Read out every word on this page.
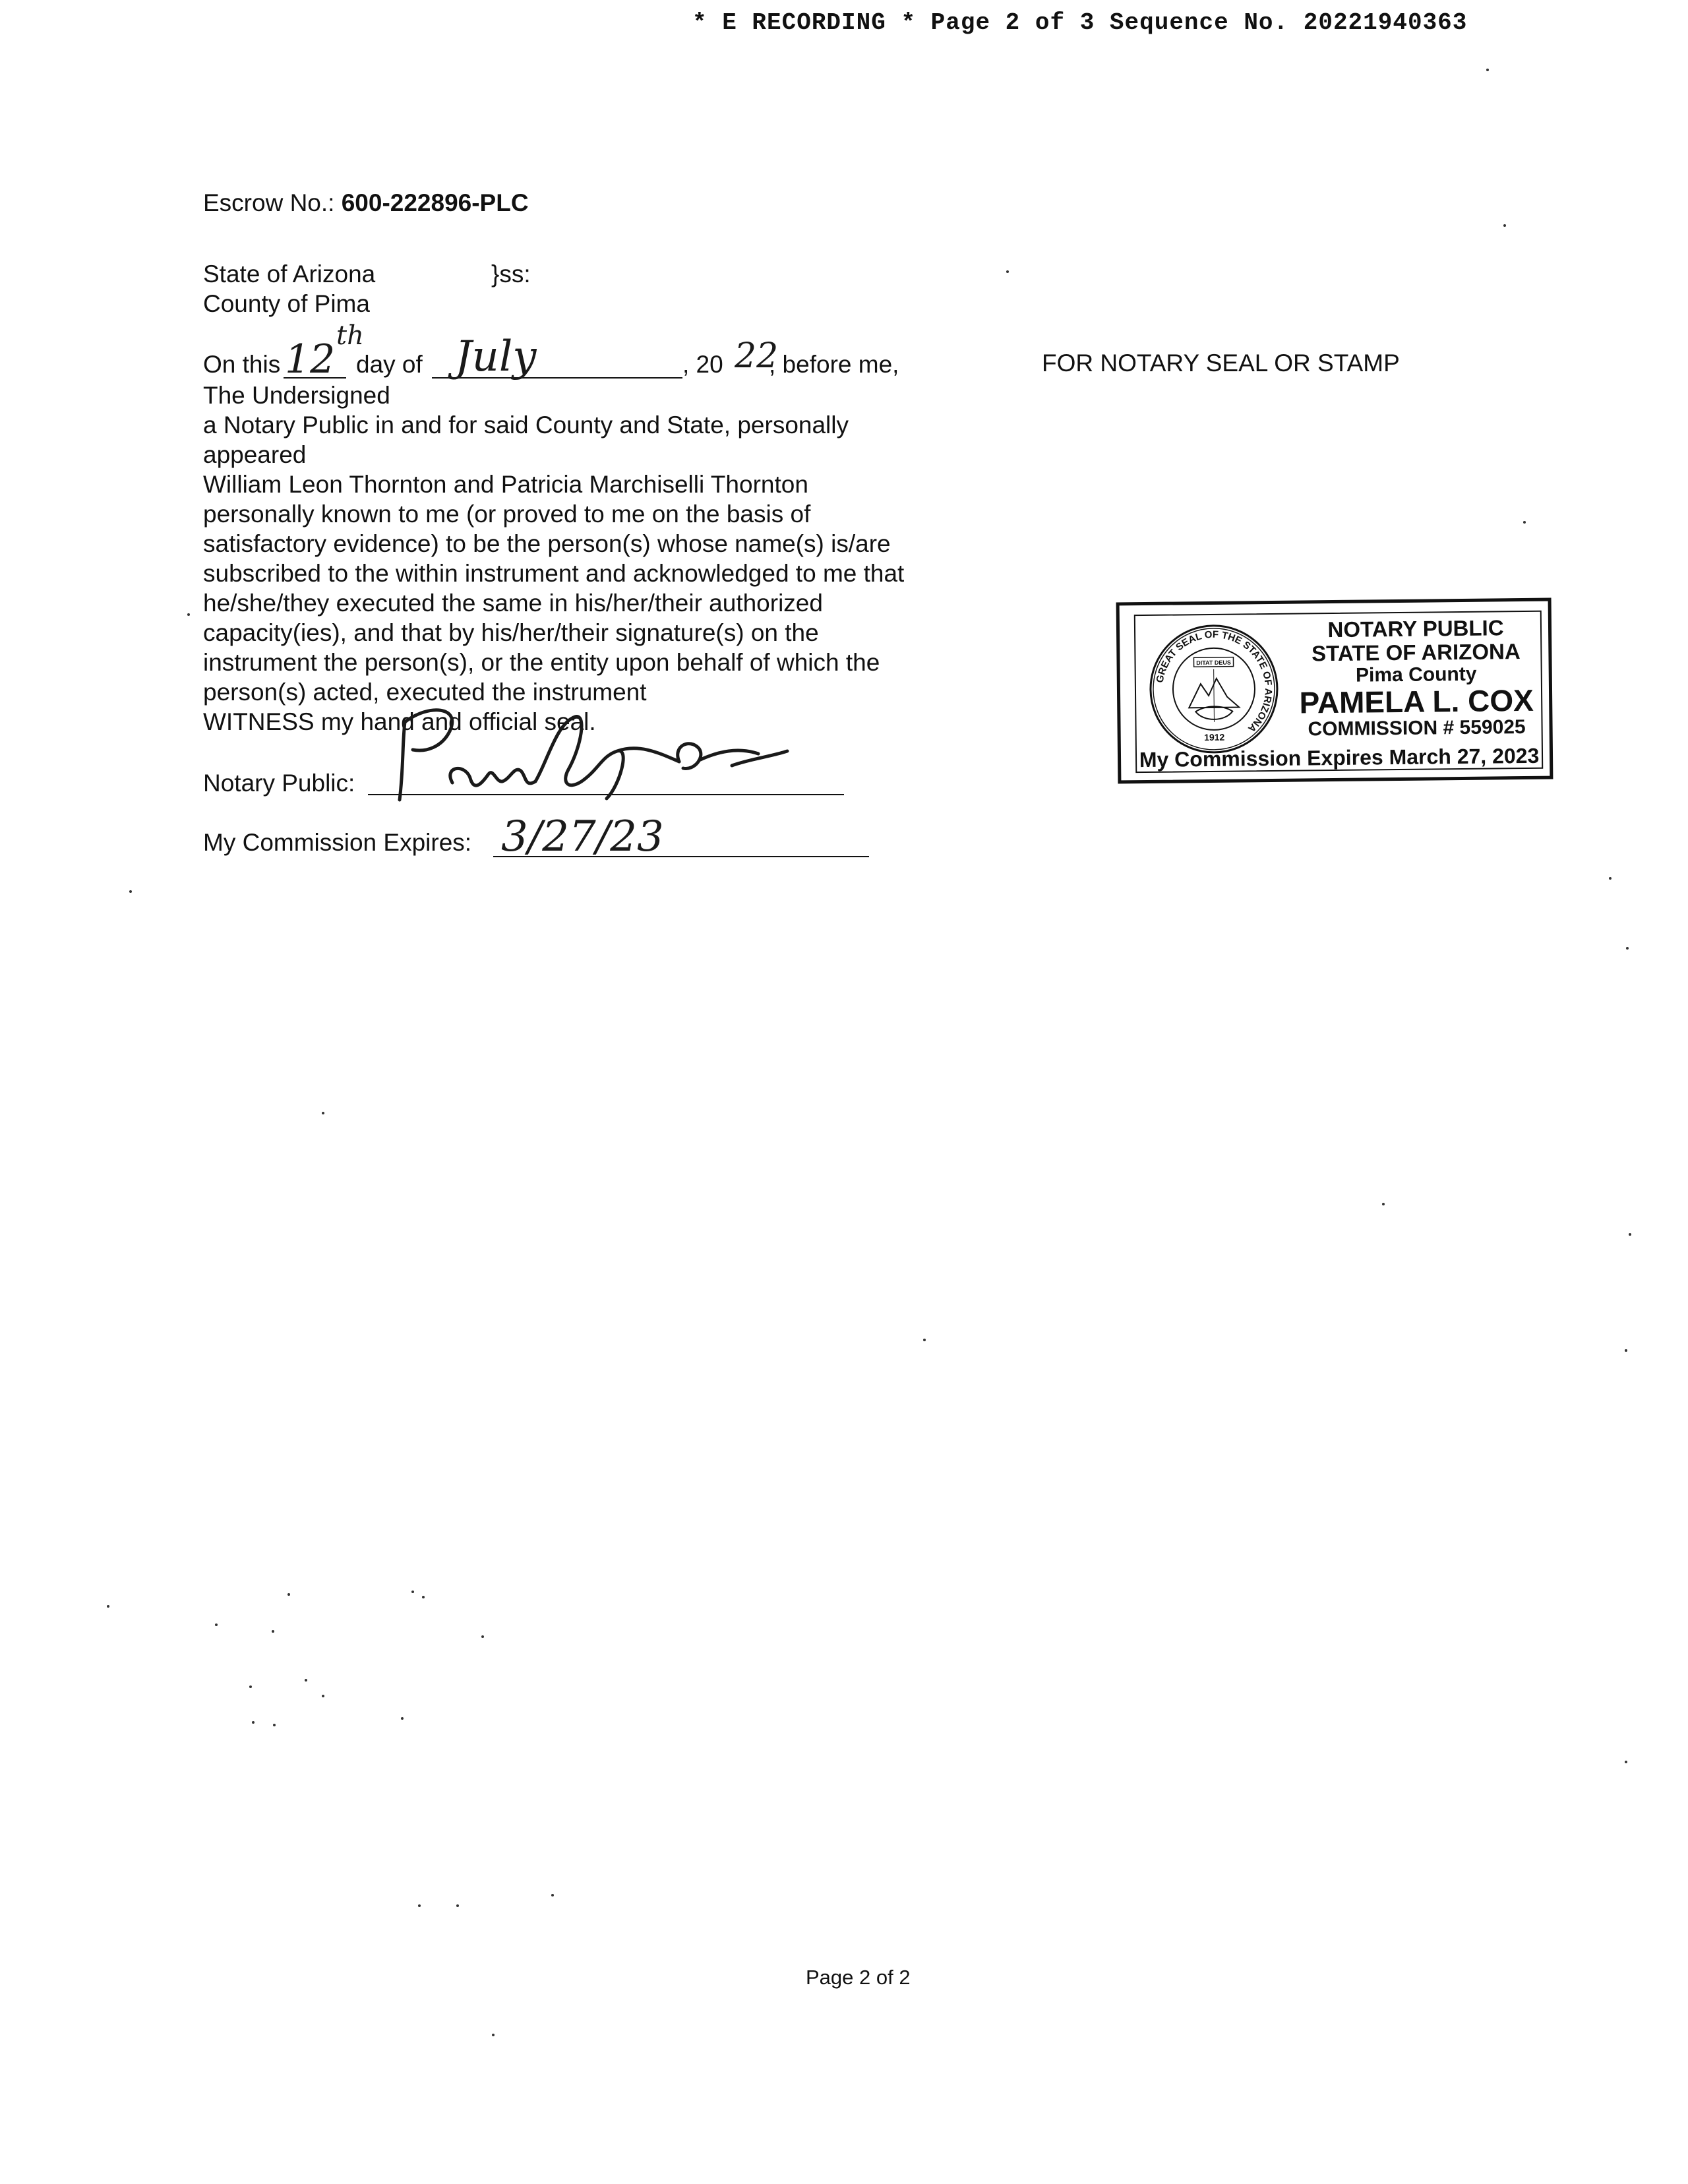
* E RECORDING * Page 2 of 3 Sequence No. 20221940363
Escrow No.: 600-222896-PLC
State of Arizona	}ss:
County of Pima
On this 12
th
day of July	, 20 22
, before me,
The Undersigned
a Notary Public in and for said County and State, personally
appeared
William Leon Thornton and Patricia Marchiselli Thornton
personally known to me (or proved to me on the basis of
satisfactory evidence) to be the person(s) whose name(s) is/are
subscribed to the within instrument and acknowledged to me that
he/she/they executed the same in his/her/their authorized
capacity(ies), and that by his/her/their signature(s) on the
instrument the person(s), or the entity upon behalf of which the
person(s) acted, executed the instrument
WITNESS my hand and official seal.
Notary Public:
My Commission Expires: 3/27/23
FOR NOTARY SEAL OR STAMP
GREAT SEAL OF THE STATE OF ARIZONA
DITAT DEUS
1912
NOTARY PUBLIC
STATE OF ARIZONA
Pima County
PAMELA L. COX
COMMISSION # 559025
My Commission Expires March 27, 2023
Page 2 of 2
